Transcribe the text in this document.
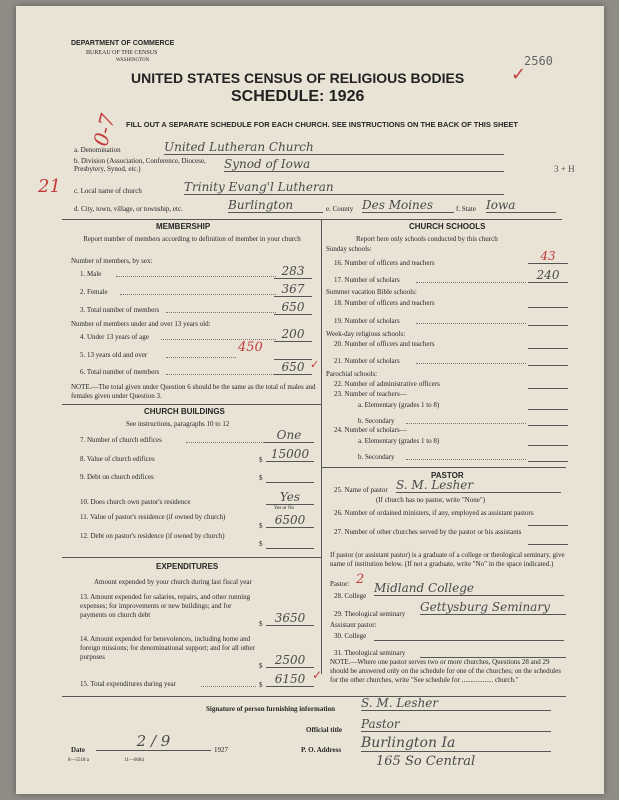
DEPARTMENT OF COMMERCE
BUREAU OF THE CENSUS
WASHINGTON
UNITED STATES CENSUS OF RELIGIOUS BODIES
SCHEDULE: 1926
FILL OUT A SEPARATE SCHEDULE FOR EACH CHURCH. SEE INSTRUCTIONS ON THE BACK OF THIS SHEET
2560
0-7
21
✓
a. Denomination	United Lutheran Church
b. Division (Association, Conference, Diocese, Presbytery, Synod, etc.)	Synod of Iowa
c. Local name of church	Trinity Evang'l Lutheran
d. City, town, village, or township, etc.	Burlington	e. County Des Moines	f. State Iowa
3 + H
MEMBERSHIP
Report number of members according to definition of member in your church
Number of members, by sex:
1. Male	283
2. Female	367
3. Total number of members	650
Number of members under and over 13 years old:
4. Under 13 years of age	200
5. 13 years old and over	450
6. Total number of members	650 ✓
NOTE.—The total given under Question 6 should be the same as the total of males and females given under Question 3.
CHURCH BUILDINGS
See instructions, paragraphs 10 to 12
7. Number of church edifices	One
8. Value of church edifices	$ 15000
9. Debt on church edifices	$
10. Does church own pastor's residence	Yes
Yes or No
11. Value of pastor's residence (if owned by church)
$	6500
12. Debt on pastor's residence (if owned by church)
$
EXPENDITURES
Amount expended by your church during last fiscal year
13. Amount expended for salaries, repairs, and other running expenses; for improvements or new buildings; and for payments on church debt
$	3650
14. Amount expended for benevolences, including home and foreign missions; for denominational support; and for all other purposes
$	2500
15. Total expenditures during year	$	6150 ✓
CHURCH SCHOOLS
Report here only schools conducted by this church
Sunday schools:
16. Number of officers and teachers	43
17. Number of scholars	240
Summer vacation Bible schools:
18. Number of officers and teachers
19. Number of scholars
Week-day religious schools:
20. Number of officers and teachers
21. Number of scholars
Parochial schools:
22. Number of administrative officers
23. Number of teachers—
a. Elementary (grades 1 to 8)
b. Secondary
24. Number of scholars—
a. Elementary (grades 1 to 8)
b. Secondary
PASTOR
25. Name of pastor S. M. Lesher
(If church has no pastor, write "None")
26. Number of ordained ministers, if any, employed as assistant pastors
27. Number of other churches served by the pastor or his assistants
If pastor (or assistant pastor) is a graduate of a college or theological seminary, give name of institution below. (If not a graduate, write "No" in the space indicated.)
Pastor: 2
28. College
Midland College
29. Theological seminary Gettysburg Seminary
Assistant pastor:
30. College
31. Theological seminary
NOTE.—Where one pastor serves two or more churches, Questions 28 and 29 should be answered only on the schedule for one of the churches; on the schedules for the other churches, write "See schedule for .................. church."
Signature of person furnishing information S. M. Lesher
Official title Pastor
Date	2 / 9	1927
8—5518 a	11—6684
P. O. Address Burlington Ia
165 So Central
